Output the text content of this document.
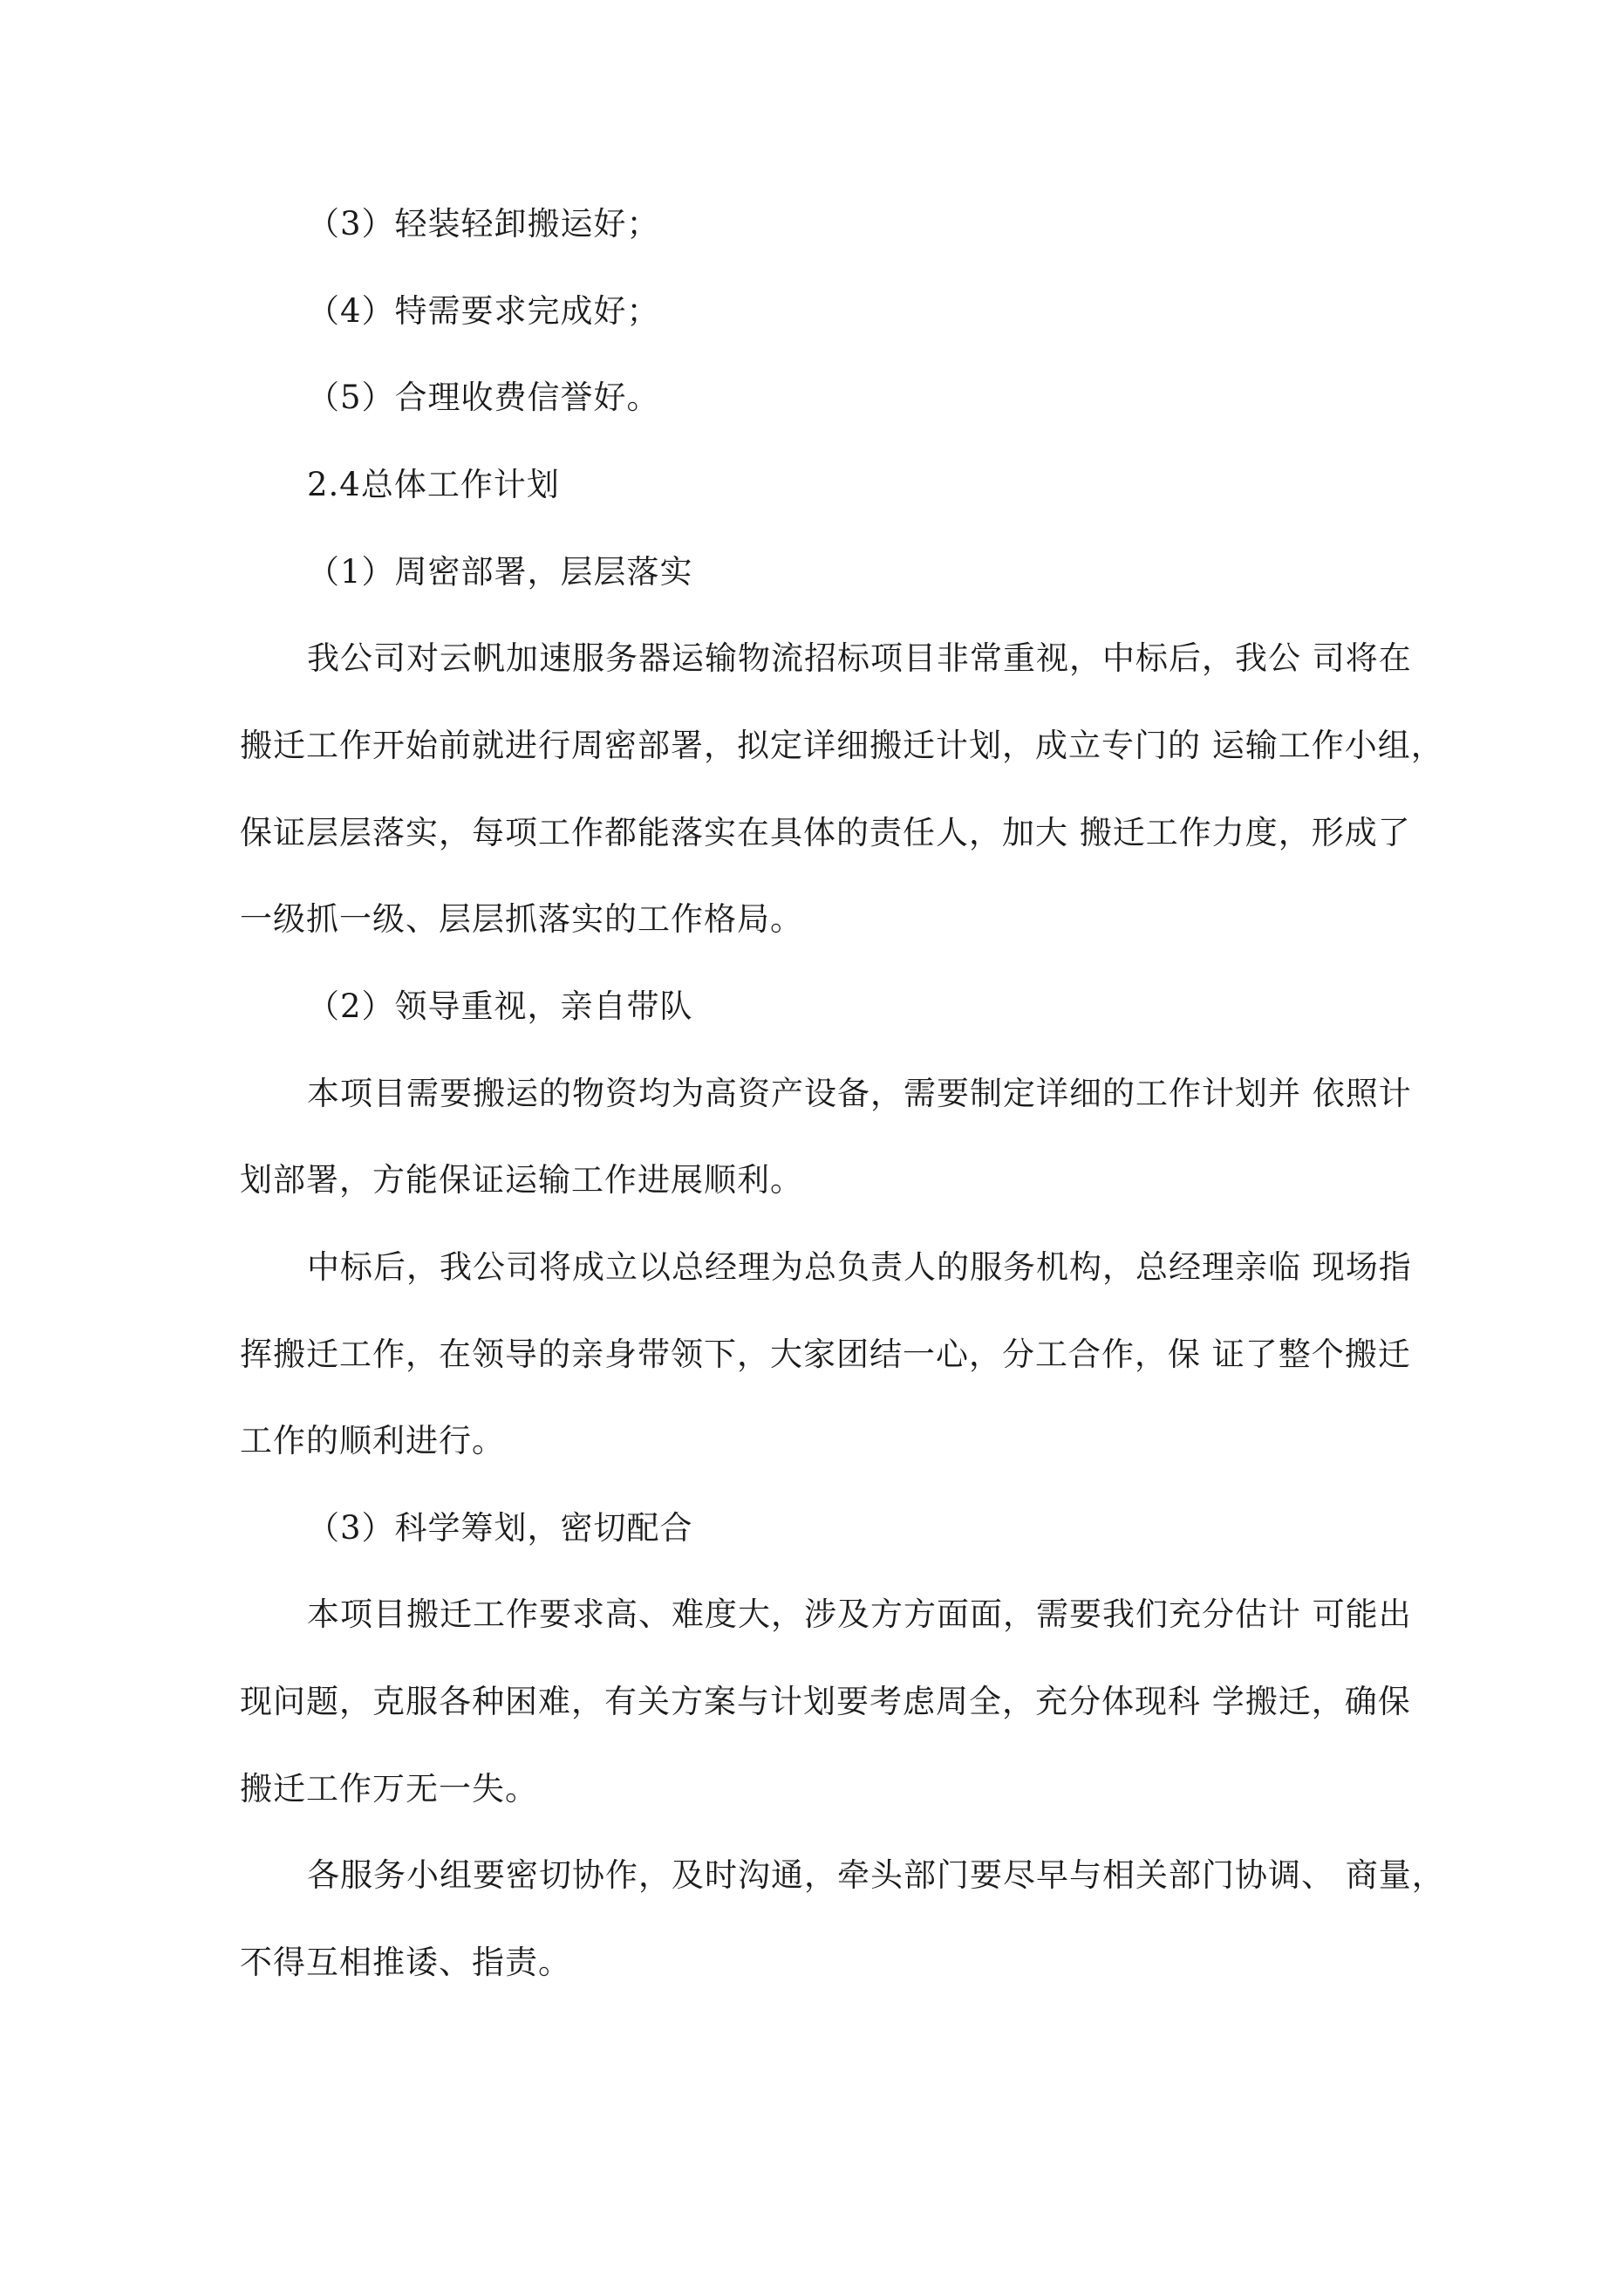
（3）轻装轻卸搬运好；
（4）特需要求完成好；
（5）合理收费信誉好。
2.4总体工作计划
（1）周密部署，层层落实
我公司对云帆加速服务器运输物流招标项目非常重视，中标后，我公 司将在
搬迁工作开始前就进行周密部署，拟定详细搬迁计划，成立专门的 运输工作小组，
保证层层落实，每项工作都能落实在具体的责任人，加大 搬迁工作力度，形成了
一级抓一级、层层抓落实的工作格局。
（2）领导重视，亲自带队
本项目需要搬运的物资均为高资产设备，需要制定详细的工作计划并 依照计
划部署，方能保证运输工作进展顺利。
中标后，我公司将成立以总经理为总负责人的服务机构，总经理亲临 现场指
挥搬迁工作，在领导的亲身带领下，大家团结一心，分工合作，保 证了整个搬迁
工作的顺利进行。
（3）科学筹划，密切配合
本项目搬迁工作要求高、难度大，涉及方方面面，需要我们充分估计 可能出
现问题，克服各种困难，有关方案与计划要考虑周全，充分体现科 学搬迁，确保
搬迁工作万无一失。
各服务小组要密切协作，及时沟通，牵头部门要尽早与相关部门协调、 商量，
不得互相推诿、指责。
